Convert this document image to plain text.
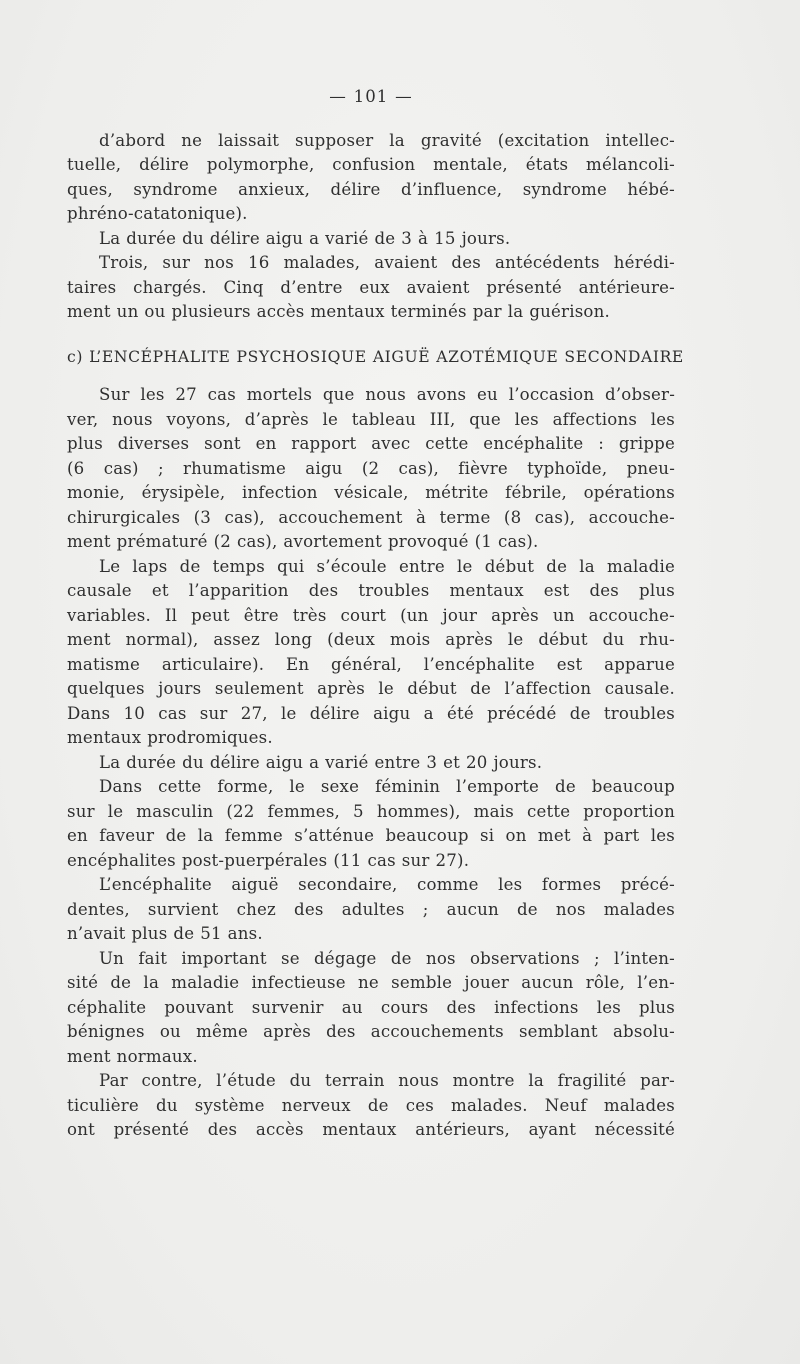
— 101 —

d’abord ne laissait supposer la gravité (excitation intellec-
tuelle, délire polymorphe, confusion mentale, états mélancoli-
ques, syndrome anxieux, délire d’influence, syndrome hébé-
phréno-catatonique).

La durée du délire aigu a varié de 3 à 15 jours.

Trois, sur nos 16 malades, avaient des antécédents hérédi-
taires chargés. Cinq d’entre eux avaient présenté antérieure-
ment un ou plusieurs accès mentaux terminés par la guérison.

c) L’ENCÉPHALITE PSYCHOSIQUE AIGUË AZOTÉMIQUE SECONDAIRE

Sur les 27 cas mortels que nous avons eu l’occasion d’obser-
ver, nous voyons, d’après le tableau III, que les affections les
plus diverses sont en rapport avec cette encéphalite : grippe
(6 cas) ; rhumatisme aigu (2 cas), fièvre typhoïde, pneu-
monie, érysipèle, infection vésicale, métrite fébrile, opérations
chirurgicales (3 cas), accouchement à terme (8 cas), accouche-
ment prématuré (2 cas), avortement provoqué (1 cas).

Le laps de temps qui s’écoule entre le début de la maladie
causale et l’apparition des troubles mentaux est des plus
variables. Il peut être très court (un jour après un accouche-
ment normal), assez long (deux mois après le début du rhu-
matisme articulaire). En général, l’encéphalite est apparue
quelques jours seulement après le début de l’affection causale.
Dans 10 cas sur 27, le délire aigu a été précédé de troubles
mentaux prodromiques.

La durée du délire aigu a varié entre 3 et 20 jours.

Dans cette forme, le sexe féminin l’emporte de beaucoup
sur le masculin (22 femmes, 5 hommes), mais cette proportion
en faveur de la femme s’atténue beaucoup si on met à part les
encéphalites post-puerpérales (11 cas sur 27).

L’encéphalite aiguë secondaire, comme les formes précé-
dentes, survient chez des adultes ; aucun de nos malades
n’avait plus de 51 ans.

Un fait important se dégage de nos observations ; l’inten-
sité de la maladie infectieuse ne semble jouer aucun rôle, l’en-
céphalite pouvant survenir au cours des infections les plus
bénignes ou même après des accouchements semblant absolu-
ment normaux.

Par contre, l’étude du terrain nous montre la fragilité par-
ticulière du système nerveux de ces malades. Neuf malades
ont présenté des accès mentaux antérieurs, ayant nécessité
